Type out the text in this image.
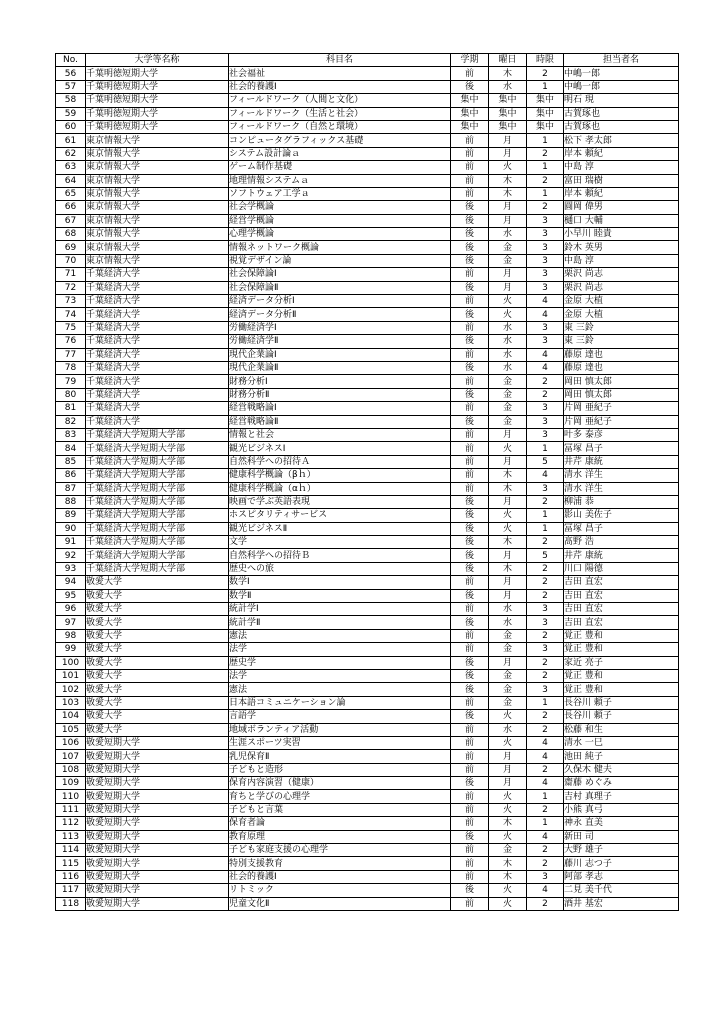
No.	大学等名称	科目名	学期	曜日	時限	担当者名
56	千葉明徳短期大学	社会福祉	前	木	2	中嶋一郎
57	千葉明徳短期大学	社会的養護Ⅰ	後	水	1	中嶋一郎
58	千葉明徳短期大学	フィールドワーク（人間と文化）	集中	集中	集中	明石 現
59	千葉明徳短期大学	フィールドワーク（生活と社会）	集中	集中	集中	古賀琢也
60	千葉明徳短期大学	フィールドワーク（自然と環境）	集中	集中	集中	古賀琢也
61	東京情報大学	コンピュータグラフィックス基礎	前	月	1	松下 孝太郎
62	東京情報大学	システム設計論ａ	前	月	2	岸本 頼紀
63	東京情報大学	ゲーム制作基礎	前	火	1	中島 淳
64	東京情報大学	地理情報システムａ	前	木	2	富田 瑞樹
65	東京情報大学	ソフトウェア工学ａ	前	木	1	岸本 頼紀
66	東京情報大学	社会学概論	後	月	2	圓岡 偉男
67	東京情報大学	経営学概論	後	月	3	樋口 大輔
68	東京情報大学	心理学概論	後	水	3	小早川 睦貴
69	東京情報大学	情報ネットワーク概論	後	金	3	鈴木 英男
70	東京情報大学	視覚デザイン論	後	金	3	中島 淳
71	千葉経済大学	社会保障論Ⅰ	前	月	3	栗沢 尚志
72	千葉経済大学	社会保障論Ⅱ	後	月	3	栗沢 尚志
73	千葉経済大学	経済データ分析Ⅰ	前	火	4	金原 大植
74	千葉経済大学	経済データ分析Ⅱ	後	火	4	金原 大植
75	千葉経済大学	労働経済学Ⅰ	前	水	3	東 三鈴
76	千葉経済大学	労働経済学Ⅱ	後	水	3	東 三鈴
77	千葉経済大学	現代企業論Ⅰ	前	水	4	藤原 達也
78	千葉経済大学	現代企業論Ⅱ	後	水	4	藤原 達也
79	千葉経済大学	財務分析Ⅰ	前	金	2	岡田 慎太郎
80	千葉経済大学	財務分析Ⅱ	後	金	2	岡田 慎太郎
81	千葉経済大学	経営戦略論Ⅰ	前	金	3	片岡 亜紀子
82	千葉経済大学	経営戦略論Ⅱ	後	金	3	片岡 亜紀子
83	千葉経済大学短期大学部	情報と社会	前	月	3	叶多 泰彦
84	千葉経済大学短期大学部	観光ビジネスⅠ	前	火	1	冨塚 昌子
85	千葉経済大学短期大学部	自然科学への招待Ａ	前	月	5	井芹 康統
86	千葉経済大学短期大学部	健康科学概論（βｈ）	前	木	4	清水 洋生
87	千葉経済大学短期大学部	健康科学概論（αｈ）	前	木	3	清水 洋生
88	千葉経済大学短期大学部	映画で学ぶ英語表現	後	月	2	柳浦 恭
89	千葉経済大学短期大学部	ホスピタリティサービス	後	火	1	影山 美佐子
90	千葉経済大学短期大学部	観光ビジネスⅡ	後	火	1	冨塚 昌子
91	千葉経済大学短期大学部	文学	後	木	2	髙野 浩
92	千葉経済大学短期大学部	自然科学への招待Ｂ	後	月	5	井芹 康統
93	千葉経済大学短期大学部	歴史への旅	後	木	2	川口 陽德
94	敬愛大学	数学Ⅰ	前	月	2	吉田 直宏
95	敬愛大学	数学Ⅱ	後	月	2	吉田 直宏
96	敬愛大学	統計学Ⅰ	前	水	3	吉田 直宏
97	敬愛大学	統計学Ⅱ	後	水	3	吉田 直宏
98	敬愛大学	憲法	前	金	2	覚正 豊和
99	敬愛大学	法学	前	金	3	覚正 豊和
100	敬愛大学	歴史学	後	月	2	家近 亮子
101	敬愛大学	法学	後	金	2	覚正 豊和
102	敬愛大学	憲法	後	金	3	覚正 豊和
103	敬愛大学	日本語コミュニケーション論	前	金	1	長谷川 頼子
104	敬愛大学	言語学	後	火	2	長谷川 頼子
105	敬愛大学	地域ボランティア活動	前	水	2	松藤 和生
106	敬愛短期大学	生涯スポーツ実習	前	火	4	清水 一巳
107	敬愛短期大学	乳児保育Ⅱ	前	月	4	池田 純子
108	敬愛短期大学	子どもと造形	前	月	2	久保木 健夫
109	敬愛短期大学	保育内容演習（健康）	後	月	4	齋藤 めぐみ
110	敬愛短期大学	育ちと学びの心理学	前	火	1	吉村 真理子
111	敬愛短期大学	子どもと言葉	前	火	2	小熊 真弓
112	敬愛短期大学	保育者論	前	木	1	神永 直美
113	敬愛短期大学	教育原理	後	火	4	新田 司
114	敬愛短期大学	子ども家庭支援の心理学	前	金	2	大野 雄子
115	敬愛短期大学	特別支援教育	前	木	2	藤川 志つ子
116	敬愛短期大学	社会的養護Ⅰ	前	木	3	阿部 孝志
117	敬愛短期大学	リトミック	後	火	4	二見 美千代
118	敬愛短期大学	児童文化Ⅱ	前	火	2	酒井 基宏
